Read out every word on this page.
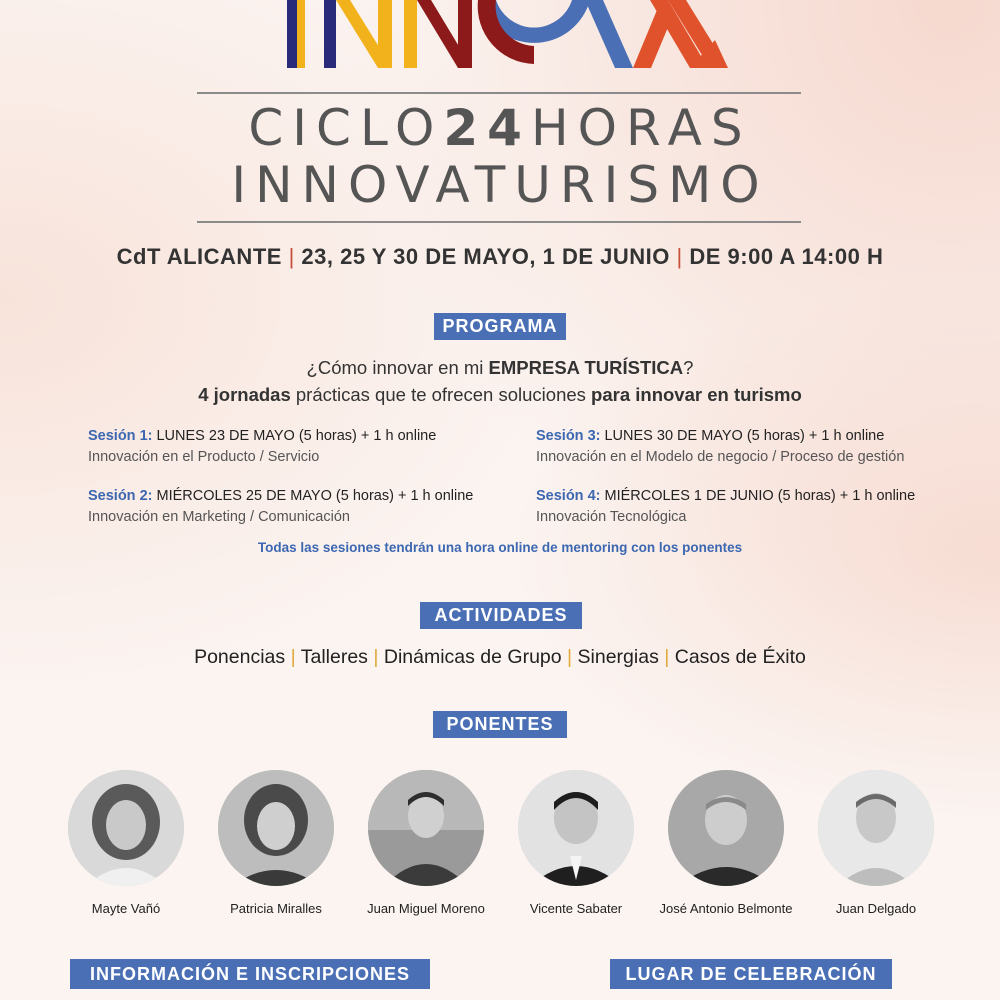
CICLO24HORAS
INNOVATURISMO
CdT ALICANTE | 23, 25 Y 30 DE MAYO, 1 DE JUNIO | DE 9:00 A 14:00 H
PROGRAMA
¿Cómo innovar en mi EMPRESA TURÍSTICA?
4 jornadas prácticas que te ofrecen soluciones para innovar en turismo
Sesión 1: LUNES 23 DE MAYO (5 horas) + 1 h online
Innovación en el Producto / Servicio
Sesión 2: MIÉRCOLES 25 DE MAYO (5 horas) + 1 h online
Innovación en Marketing / Comunicación
Sesión 3: LUNES 30 DE MAYO (5 horas) + 1 h online
Innovación en el Modelo de negocio / Proceso de gestión
Sesión 4: MIÉRCOLES 1 DE JUNIO (5 horas) + 1 h online
Innovación Tecnológica
Todas las sesiones tendrán una hora online de mentoring con los ponentes
ACTIVIDADES
Ponencias | Talleres | Dinámicas de Grupo | Sinergias | Casos de Éxito
PONENTES
Mayte Vañó	Patricia Miralles	Juan Miguel Moreno	Vicente Sabater	José Antonio Belmonte	Juan Delgado
INFORMACIÓN E INSCRIPCIONES	LUGAR DE CELEBRACIÓN
